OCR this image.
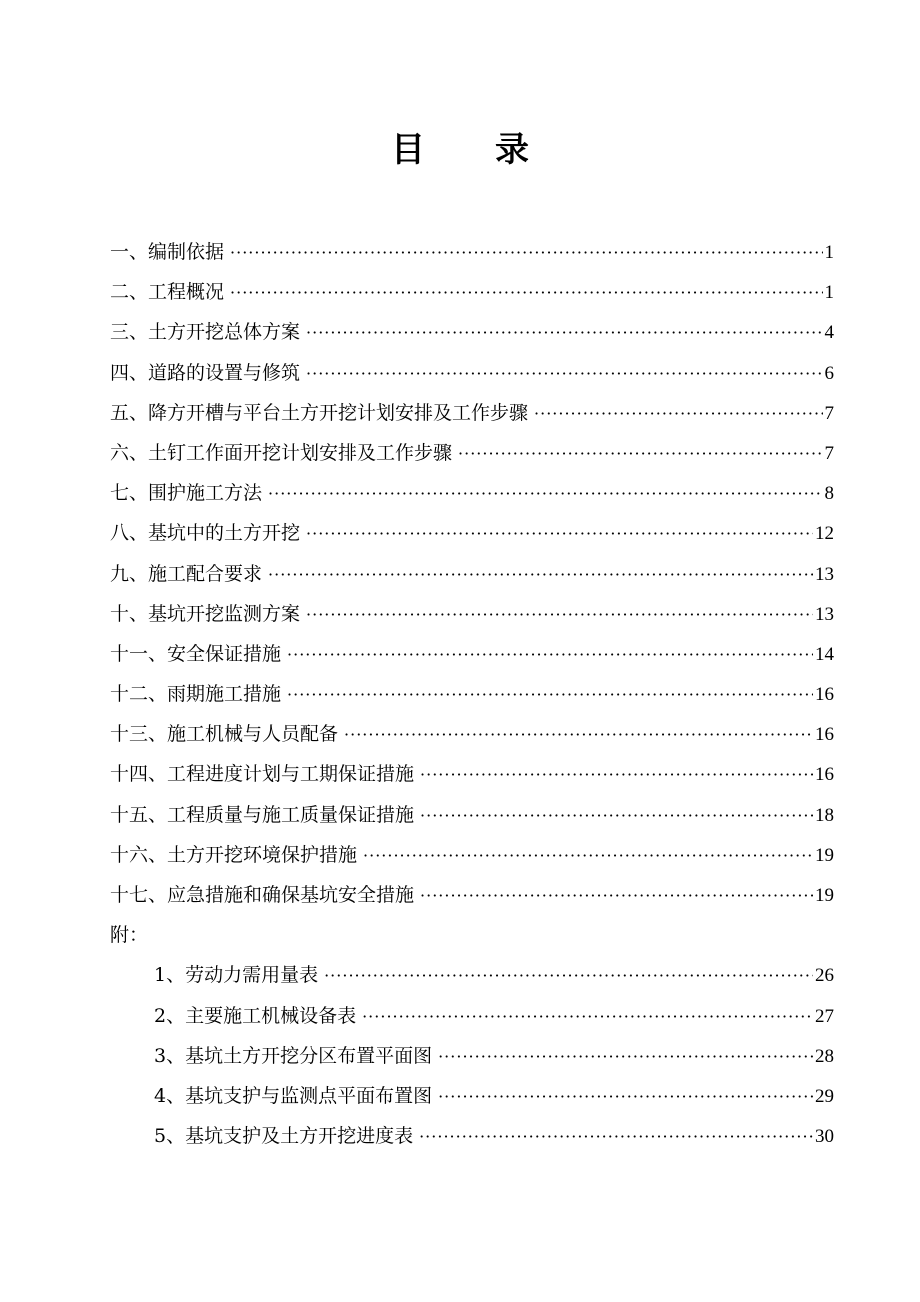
目 录
一、编制依据 ·····	1
二、工程概况 ·····	1
三、土方开挖总体方案 ·····	4
四、道路的设置与修筑 ·····	6
五、降方开槽与平台土方开挖计划安排及工作步骤 ·····	7
六、土钉工作面开挖计划安排及工作步骤 ·····	7
七、围护施工方法 ·····	8
八、基坑中的土方开挖 ·····	12
九、施工配合要求 ·····	13
十、基坑开挖监测方案 ·····	13
十一、安全保证措施 ·····	14
十二、雨期施工措施 ·····	16
十三、施工机械与人员配备 ·····	16
十四、工程进度计划与工期保证措施 ·····	16
十五、工程质量与施工质量保证措施 ·····	18
十六、土方开挖环境保护措施 ·····	19
十七、应急措施和确保基坑安全措施 ·····	19
附：
1、劳动力需用量表 ·····	26
2、主要施工机械设备表 ·····	27
3、基坑土方开挖分区布置平面图 ·····	28
4、基坑支护与监测点平面布置图 ·····	29
5、基坑支护及土方开挖进度表 ·····	30
